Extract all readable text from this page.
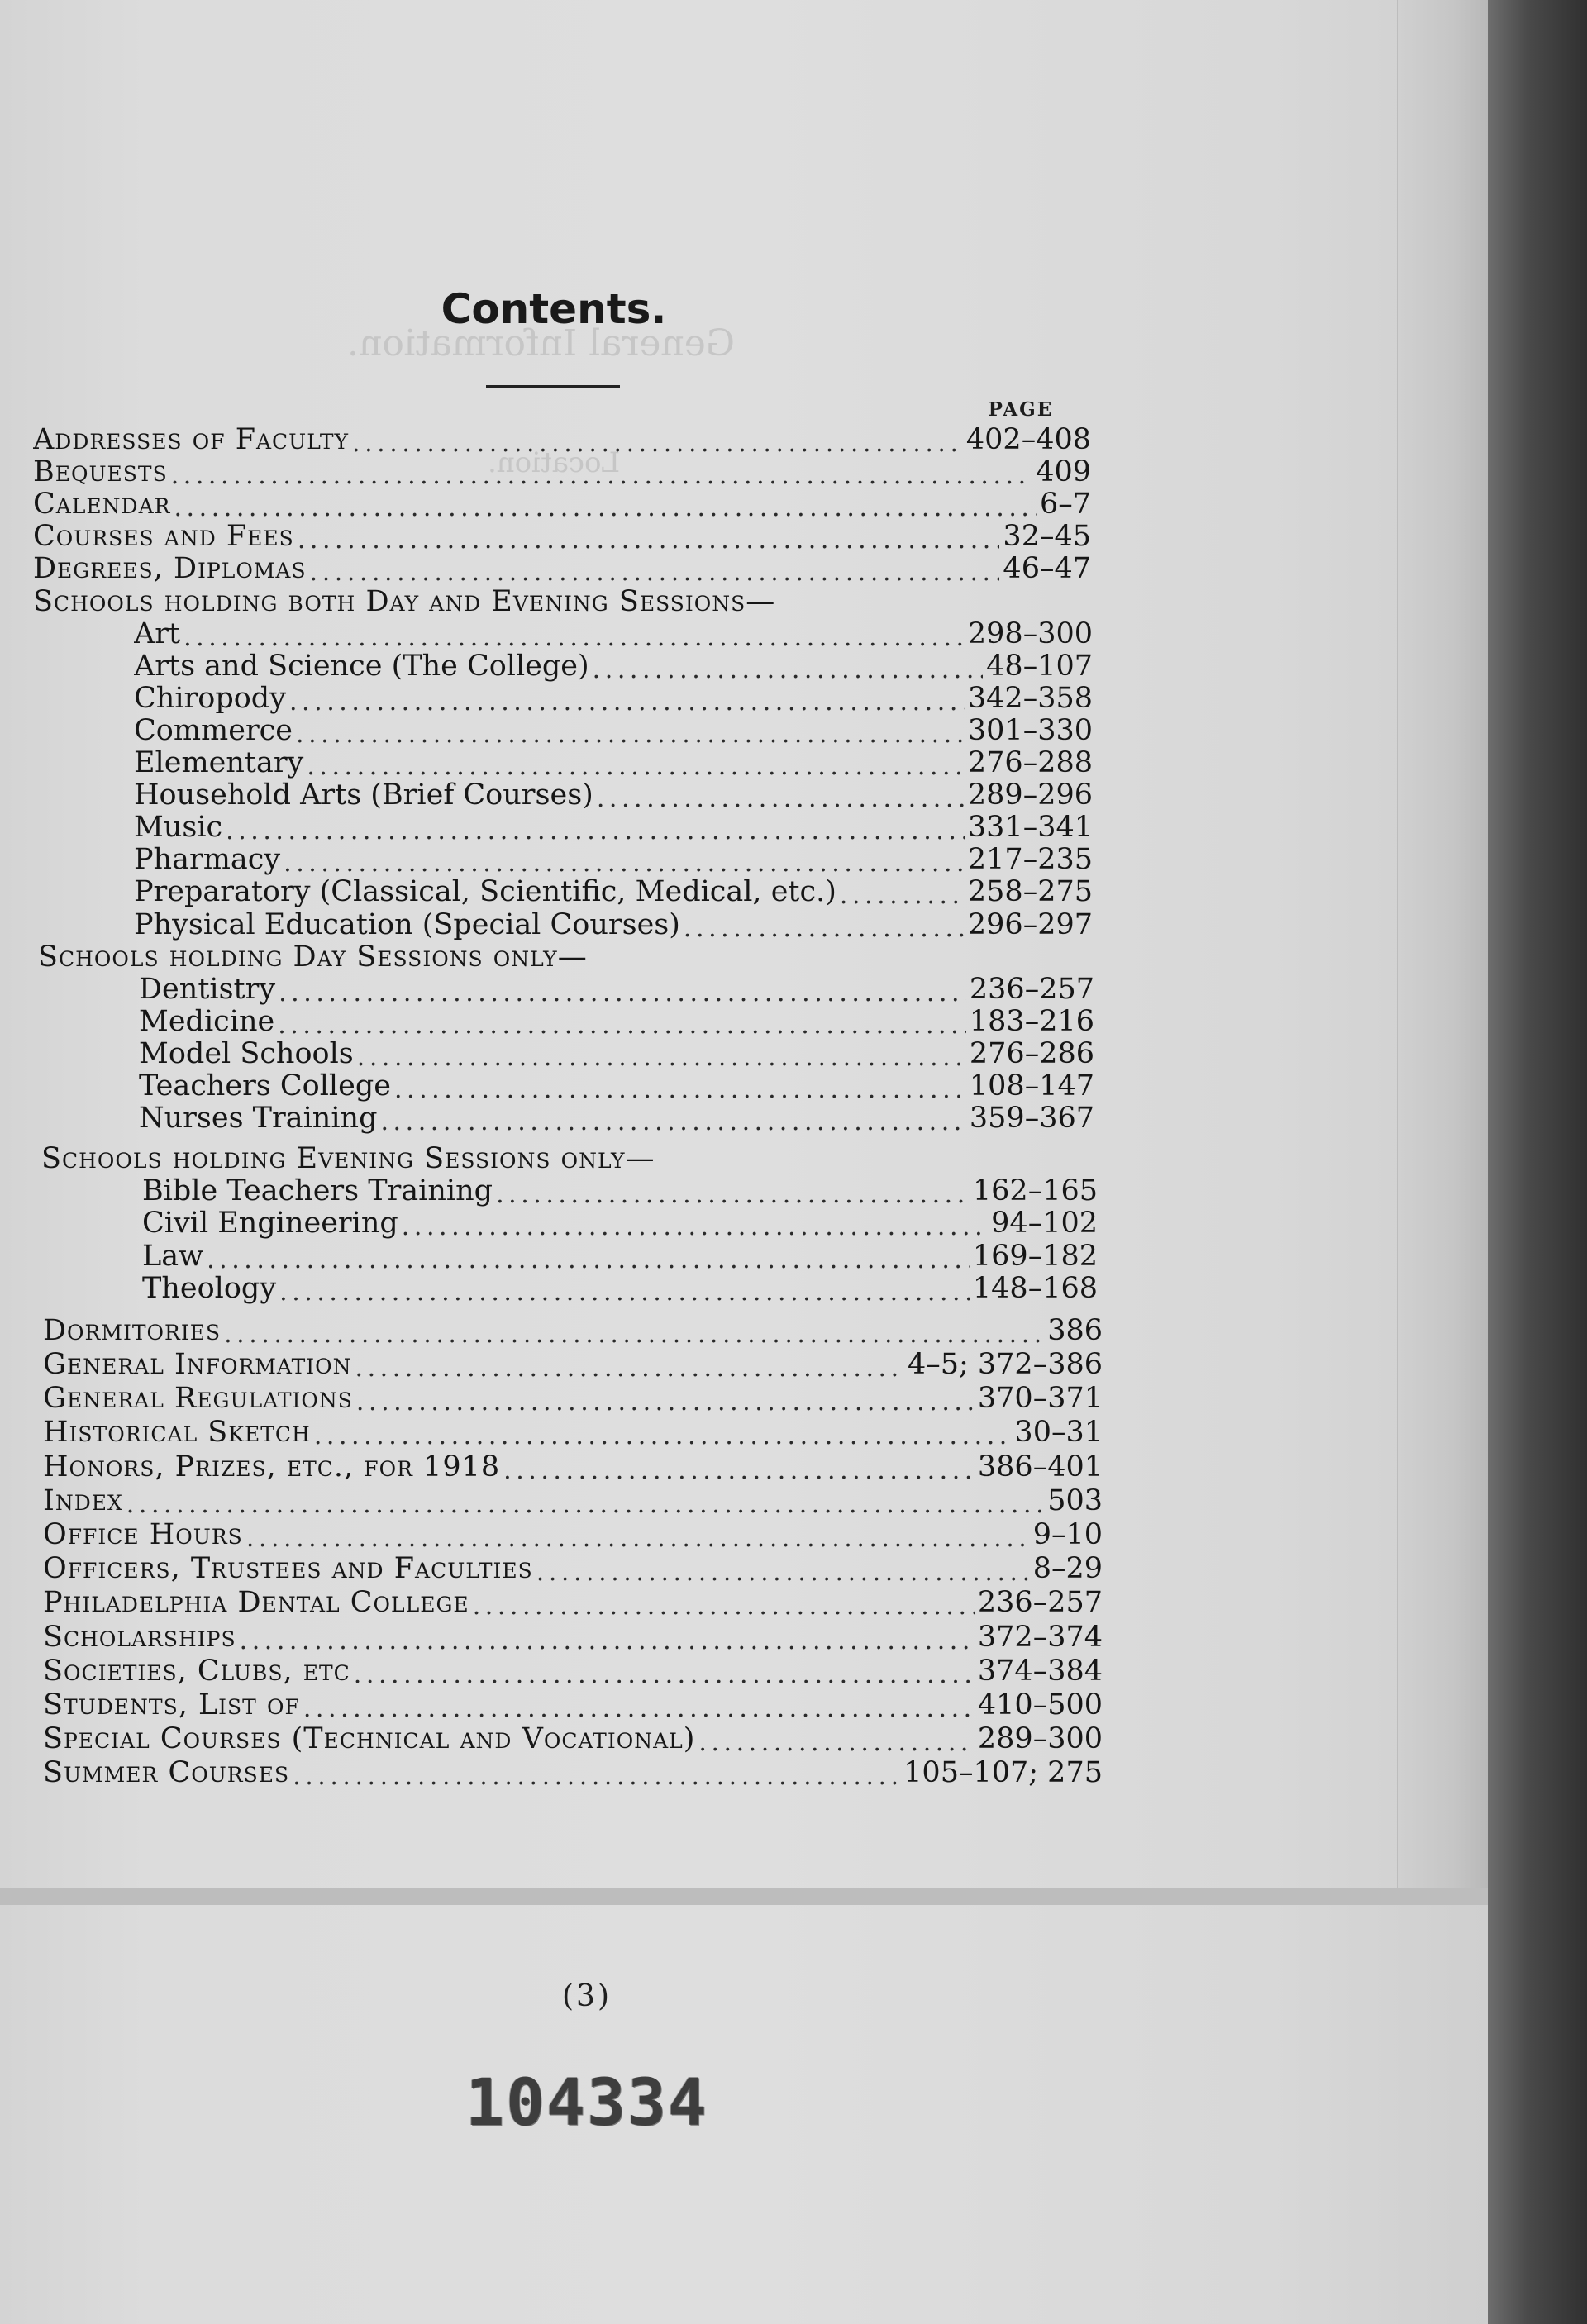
General Information.
Location.
Contents.
PAGE
Addresses of Faculty . . .	402–408
Bequests . . .	409
Calendar . . .	6–7
Courses and Fees . . .	32–45
Degrees, Diplomas . . .	46–47
Schools holding both Day and Evening Sessions—
Art . . .	298–300
Arts and Science (The College) . . .	48–107
Chiropody . . .	342–358
Commerce . . .	301–330
Elementary . . .	276–288
Household Arts (Brief Courses) . . .	289–296
Music . . .	331–341
Pharmacy . . .	217–235
Preparatory (Classical, Scientific, Medical, etc.) . . .	258–275
Physical Education (Special Courses) . . .	296–297
Schools holding Day Sessions only—
Dentistry . . .	236–257
Medicine . . .	183–216
Model Schools . . .	276–286
Teachers College . . .	108–147
Nurses Training . . .	359–367
Schools holding Evening Sessions only—
Bible Teachers Training . . .	162–165
Civil Engineering . . .	94–102
Law . . .	169–182
Theology . . .	148–168
Dormitories . . .	386
General Information . . .	4–5; 372–386
General Regulations . . .	370–371
Historical Sketch . . .	30–31
Honors, Prizes, etc., for 1918 . . .	386–401
Index . . .	503
Office Hours . . .	9–10
Officers, Trustees and Faculties . . .	8–29
Philadelphia Dental College . . .	236–257
Scholarships . . .	372–374
Societies, Clubs, etc . . .	374–384
Students, List of . . .	410–500
Special Courses (Technical and Vocational) . . .	289–300
Summer Courses . . .	105–107; 275
(3)
104334
